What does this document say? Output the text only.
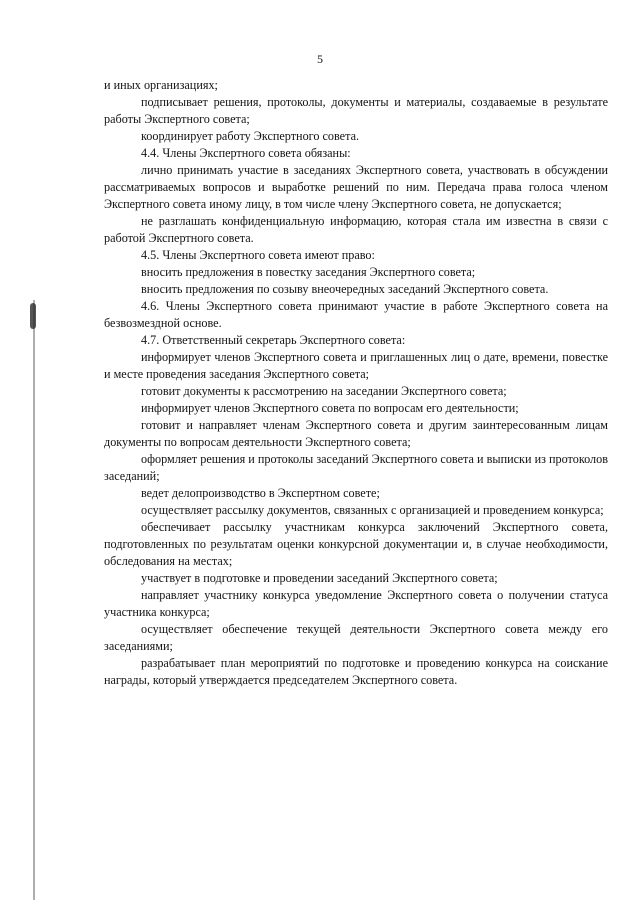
5

и иных организациях;

подписывает решения, протоколы, документы и материалы, создаваемые в результате работы Экспертного совета;

координирует работу Экспертного совета.

4.4. Члены Экспертного совета обязаны:

лично принимать участие в заседаниях Экспертного совета, участвовать в обсуждении рассматриваемых вопросов и выработке решений по ним. Передача права голоса членом Экспертного совета иному лицу, в том числе члену Экспертного совета, не допускается;

не разглашать конфиденциальную информацию, которая стала им известна в связи с работой Экспертного совета.

4.5. Члены Экспертного совета имеют право:

вносить предложения в повестку заседания Экспертного совета;

вносить предложения по созыву внеочередных заседаний Экспертного совета.

4.6. Члены Экспертного совета принимают участие в работе Экспертного совета на безвозмездной основе.

4.7. Ответственный секретарь Экспертного совета:

информирует членов Экспертного совета и приглашенных лиц о дате, времени, повестке и месте проведения заседания Экспертного совета;

готовит документы к рассмотрению на заседании Экспертного совета;

информирует членов Экспертного совета по вопросам его деятельности;

готовит и направляет членам Экспертного совета и другим заинтересованным лицам документы по вопросам деятельности Экспертного совета;

оформляет решения и протоколы заседаний Экспертного совета и выписки из протоколов заседаний;

ведет делопроизводство в Экспертном совете;

осуществляет рассылку документов, связанных с организацией и проведением конкурса;

обеспечивает рассылку участникам конкурса заключений Экспертного совета, подготовленных по результатам оценки конкурсной документации и, в случае необходимости, обследования на местах;

участвует в подготовке и проведении заседаний Экспертного совета;

направляет участнику конкурса уведомление Экспертного совета о получении статуса участника конкурса;

осуществляет обеспечение текущей деятельности Экспертного совета между его заседаниями;

разрабатывает план мероприятий по подготовке и проведению конкурса на соискание награды, который утверждается председателем Экспертного совета.
